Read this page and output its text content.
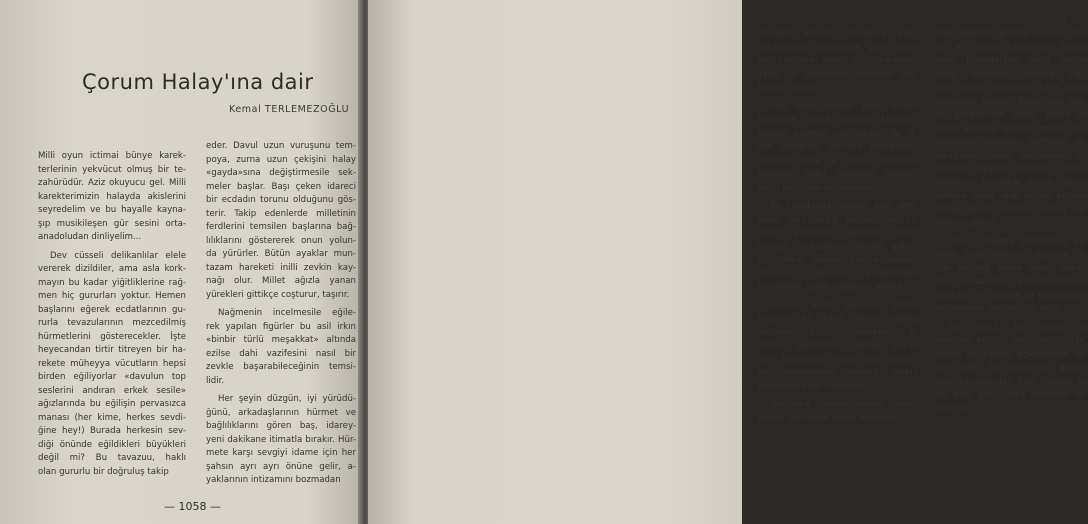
Çorum Halay'ına dair
Kemal TERLEMEZOĞLU
Milli oyun ictimai bünye karek-
terlerinin yekvücut olmuş bir te-
zahürüdür. Aziz okuyucu gel. Milli
karekterimizin halayda akislerini
seyredelim ve bu hayalle kayna-
şıp musikileşen gür sesini orta-
anadoludan dinliyelim...
Dev cüsseli delikanlılar elele
vererek dizildiler, ama asla kork-
mayın bu kadar yiğitliklerine rağ-
men hiç gururları yoktur. Hemen
başlarını eğerek ecdatlarının gu-
rurla tevazularının mezcedilmiş
hürmetlerini gösterecekler. İşte
heyecandan tirtir titreyen bir ha-
rekete müheyya vücutların hepsi
birden eğiliyorlar «davulun top
seslerini andıran erkek sesile»
ağızlarında bu eğilişin pervasızca
manası (her kime, herkes sevdi-
ğine hey!) Burada herkesin sev-
diği önünde eğildikleri büyükleri
değil mi? Bu tavazuu, haklı
olan gururlu bir doğruluş takip
eder. Davul uzun vuruşunu tem-
poya, zurna uzun çekişini halay
«gayda»sına değiştirmesile sek-
meler başlar. Başı çeken idareci
bir ecdadın torunu olduğunu gös-
terir. Takip edenlerde milletinin
ferdlerini temsilen başlarına bağ-
lılıklarını göstererek onun yolun-
da yürürler. Bütün ayaklar mun-
tazam hareketi inilli zevkin kay-
nağı olur. Millet ağızla yanan
yürekleri gittikçe coşturur, taşırır.
Nağmenin incelmesile eğile-
rek yapılan figürler bu asil irkın
«binbir türlü meşakkat» altında
ezilse dahi vazifesini nasıl bir
zevkle başarabileceğinin temsi-
lidir.
Her şeyin düzgün, iyi yürüdü-
ğünü, arkadaşlarının hürmet ve
bağlılıklarını gören baş, idarey-
yeni dakikane itimatla bırakır. Hür-
mete karşı sevgiyi idame için her
şahsın ayrı ayrı önüne gelir, a-
yaklarının intizamını bozmadan
— 1058 —
17
elindeki mendili omuzuna atar,
arkadaşının boynunda yarı sarılır
bir vaziyete gelir. Tabii karşıdaki
şahıs ta temponun ahengile mu-
kabilini yapar.
Ağır başlı devam eden birinci
kısımdan sonra gençler kızışmış,
hedefe varmak için süratin de lâ-
zım olduğunu tecrübe etmişlerdir.
Değişen hava ile çabuk üçlemeye
başlanır. Sabit gözlerde şimşek-
lerini her yöne dağıtadurur.
Bu çabukluğa rağmen ayni tem-
poda yere değip kalkan ileri fır-
layan yeknasak ayaklar «Erişir
menzili maksuduna aheste giden,
tizi reftar olanın payına damen
dolaşır» sözünün ecdadımızın
prensibine aykırı olduğunu anlatır.
Üçüncü kısım gururun, azmin
tunçtan bir kal'a divarı yaptığı
safhadır. Bütün hareketler: A-
henkli zıplamalar, taban vurup
ileri fırlamalar, iman dolu göğüs-
leri kabartmalar hedefe şuurlu
koşmanın birer ifadesidir.
Yorgunluk hissedilmeyen tunç-
laşmış çehrelere itimat etmenek
elde değildir. Birlikte vurulan diz-
ler iki çeliğin çarpışması hissini
verir. Bahadırların omuz omuza
verip istedikleri göklere ulaş-
mak istiyen muazzam kal'a divarı
gözümün önüne: Bozkırların şen-
lik gecelerinde davul zurna ile
davet edilmiş, gecenin munis ses-
sizliğinde, halinden memnun, ge-
leceğinden emin gölgelerin, yıl-
dızların ürperen gülüşleri, masa-
lamaların itimatkâr donuk ışıkları
altında halka olup kucak kucağa
halay çeken kımızla serhoş de-
delerini getirir.
Omuz omuzda birbirlerine ko-
larile bağlı kütlenin, davulun se-
sile zıplayıp efece taban vuruş-
ları «Ecdadımın kahremanlarının
qozkıra bir vuruşta su fışkırtması»
efsanesinin gerçekliğini anlar.
Bir davul, bir zurna ile
ağaçları, kuşları, bulutları, rüzgârı,
bütün bir kâinatı eğlencesine da-
vet eden bu seyircileri gaşye-
den, heyecandan tirtir titreten bu
bir avuç genç neye muktedir de-
ğildir ki...
— 1059 —
